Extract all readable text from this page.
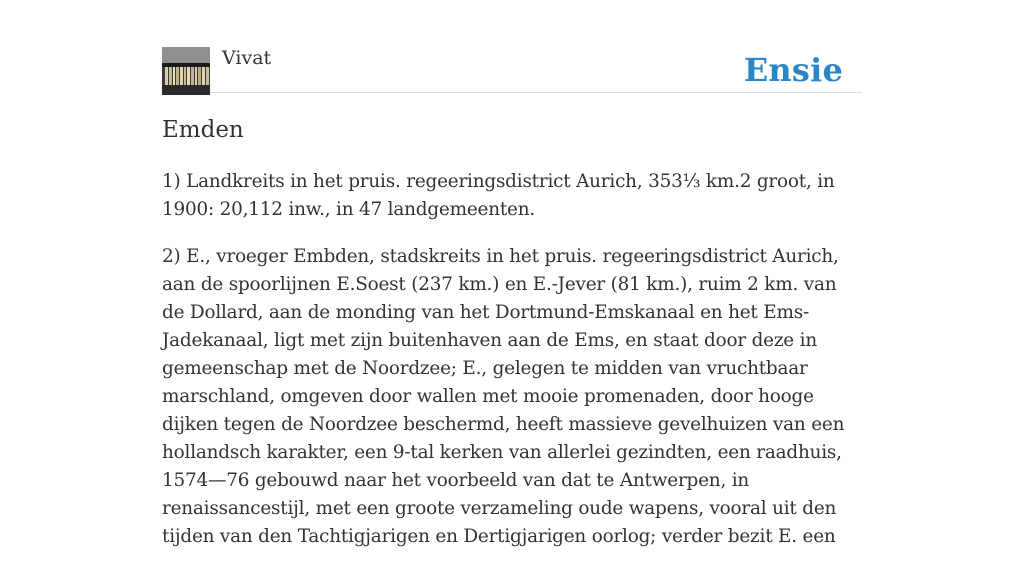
Vivat	Ensie
Emden

1) Landkreits in het pruis. regeeringsdistrict Aurich, 353⅓ km.2 groot, in 1900: 20,112 inw., in 47 landgemeenten.

2) E., vroeger Embden, stadskreits in het pruis. regeeringsdistrict Aurich, aan de spoorlijnen E.Soest (237 km.) en E.-Jever (81 km.), ruim 2 km. van de Dollard, aan de monding van het Dortmund-Emskanaal en het Ems-Jadekanaal, ligt met zijn buitenhaven aan de Ems, en staat door deze in gemeenschap met de Noordzee; E., gelegen te midden van vruchtbaar marschland, omgeven door wallen met mooie promenaden, door hooge dijken tegen de Noordzee beschermd, heeft massieve gevelhuizen van een hollandsch karakter, een 9-tal kerken van allerlei gezindten, een raadhuis, 1574—76 gebouwd naar het voorbeeld van dat te Antwerpen, in renaissancestijl, met een groote verzameling oude wapens, vooral uit den tijden van den Tachtigjarigen en Dertigjarigen oorlog; verder bezit E. een
